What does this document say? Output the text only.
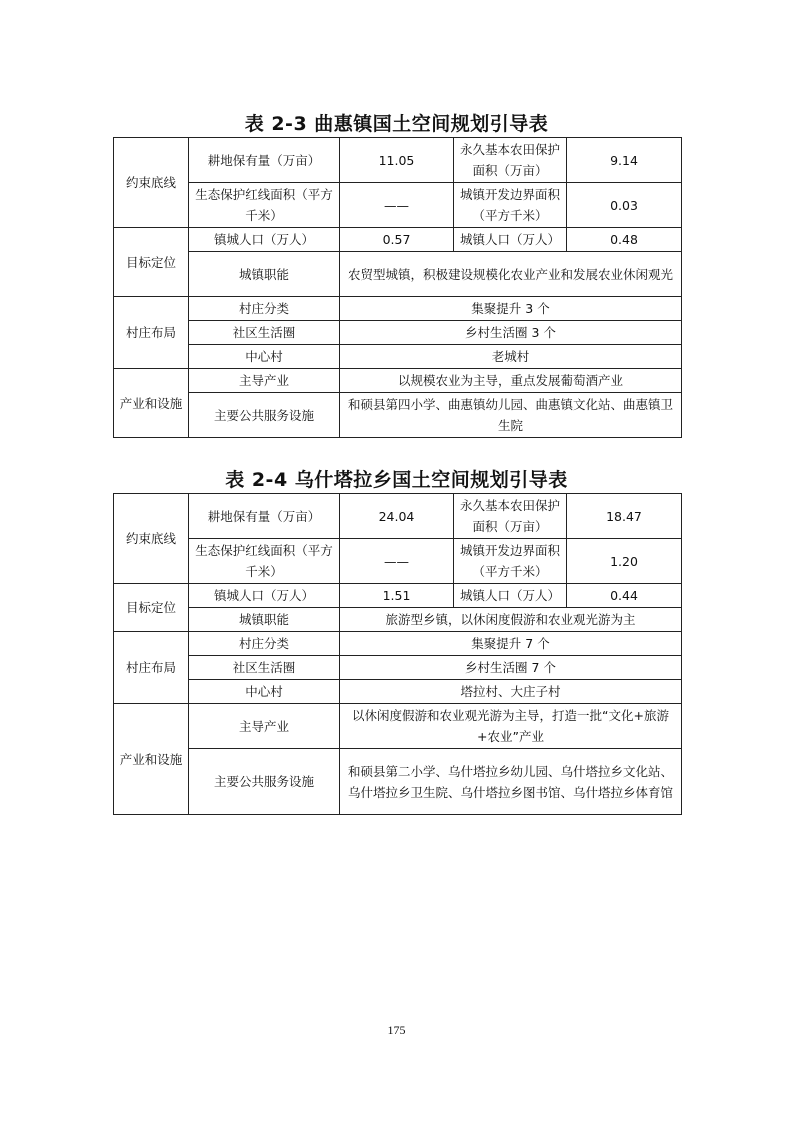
表 2-3 曲惠镇国土空间规划引导表
约束底线	耕地保有量（万亩）	11.05	永久基本农田保护面积（万亩）	9.14
	生态保护红线面积（平方千米）	——	城镇开发边界面积（平方千米）	0.03
目标定位	镇城人口（万人）	0.57	城镇人口（万人）	0.48
	城镇职能	农贸型城镇，积极建设规模化农业产业和发展农业休闲观光		
村庄布局	村庄分类	集聚提升 3 个		
	社区生活圈	乡村生活圈 3 个		
	中心村	老城村		
产业和设施	主导产业	以规模农业为主导，重点发展葡萄酒产业		
	主要公共服务设施	和硕县第四小学、曲惠镇幼儿园、曲惠镇文化站、曲惠镇卫生院		
表 2-4 乌什塔拉乡国土空间规划引导表
约束底线	耕地保有量（万亩）	24.04	永久基本农田保护面积（万亩）	18.47
	生态保护红线面积（平方千米）	——	城镇开发边界面积（平方千米）	1.20
目标定位	镇城人口（万人）	1.51	城镇人口（万人）	0.44
	城镇职能	旅游型乡镇，以休闲度假游和农业观光游为主		
村庄布局	村庄分类	集聚提升 7 个		
	社区生活圈	乡村生活圈 7 个		
	中心村	塔拉村、大庄子村		
产业和设施	主导产业	以休闲度假游和农业观光游为主导，打造一批“文化+旅游+农业”产业		
	主要公共服务设施	和硕县第二小学、乌什塔拉乡幼儿园、乌什塔拉乡文化站、乌什塔拉乡卫生院、乌什塔拉乡图书馆、乌什塔拉乡体育馆		
175
